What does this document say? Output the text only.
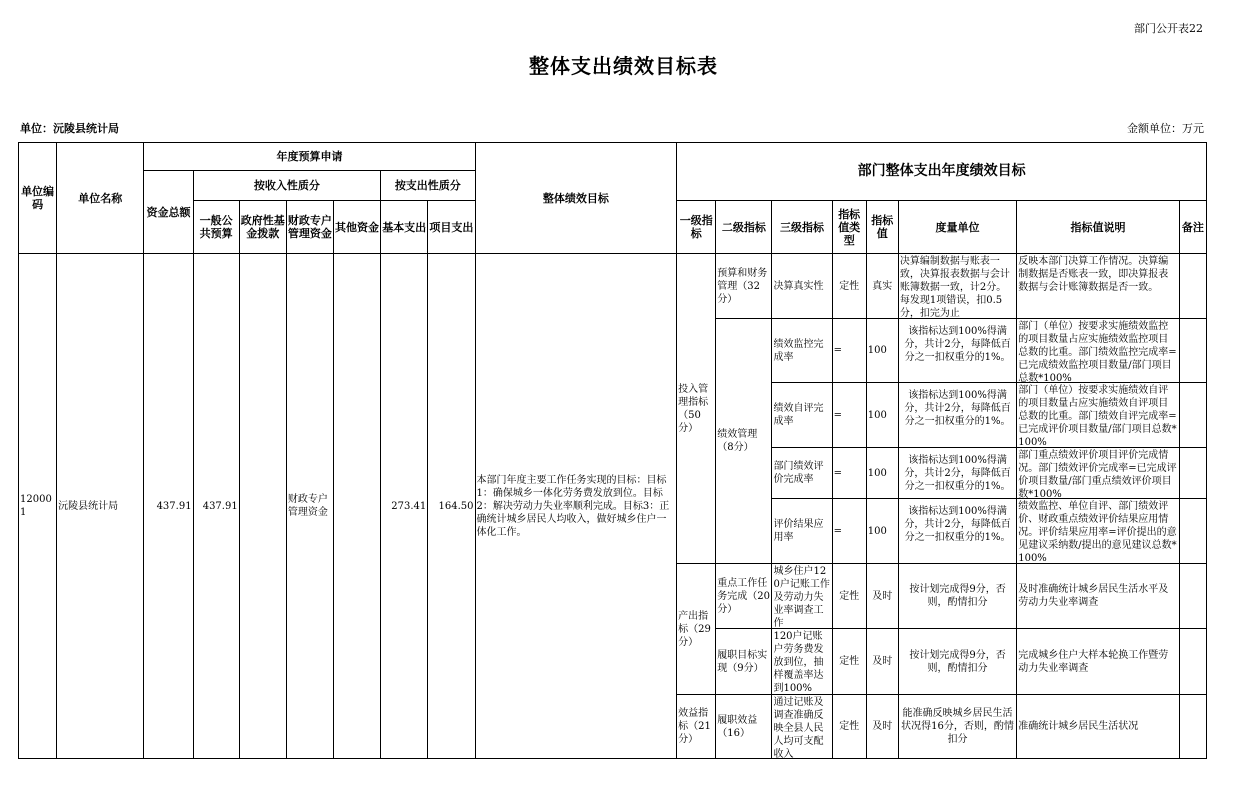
部门公开表22
整体支出绩效目标表
单位：沅陵县统计局	金额单位：万元
单位编码	单位名称	年度预算申请							整体绩效目标	部门整体支出年度绩效目标							
		资金总额	按收入性质分				按支出性质分										
			一般公共预算	政府性基金拨款	财政专户管理资金	其他资金	基本支出	项目支出		一级指标	二级指标	三级指标	指标值类型	指标值	度量单位	指标值说明	备注
120001	沅陵县统计局	437.91	437.91		财政专户管理资金		273.41	164.50	本部门年度主要工作任务实现的目标：目标1：确保城乡一体化劳务费发放到位。目标2：解决劳动力失业率顺利完成。目标3：正确统计城乡居民人均收入，做好城乡住户一体化工作。	投入管理指标（50分）	预算和财务管理（32分）	决算真实性	定性	真实	决算编制数据与账表一致，决算报表数据与会计账簿数据一致，计2分。每发现1项错误，扣0.5分，扣完为止	反映本部门决算工作情况。决算编制数据是否账表一致，即决算报表数据与会计账簿数据是否一致。	

											绩效管理（8分）	绩效监控完成率	=	100	该指标达到100%得满分，共计2分，每降低百分之一扣权重分的1%。	部门（单位）按要求实施绩效监控的项目数量占应实施绩效监控项目总数的比重。部门绩效监控完成率=已完成绩效监控项目数量/部门项目总数*100%	

												绩效自评完成率	=	100	该指标达到100%得满分，共计2分，每降低百分之一扣权重分的1%。	部门（单位）按要求实施绩效自评的项目数量占应实施绩效自评项目总数的比重。部门绩效自评完成率=已完成评价项目数量/部门项目总数*100%	

												部门绩效评价完成率	=	100	该指标达到100%得满分，共计2分，每降低百分之一扣权重分的1%。	部门重点绩效评价项目评价完成情况。部门绩效评价完成率=已完成评价项目数量/部门重点绩效评价项目数*100%	

												评价结果应用率	=	100	该指标达到100%得满分，共计2分，每降低百分之一扣权重分的1%。	绩效监控、单位自评、部门绩效评价、财政重点绩效评价结果应用情况。评价结果应用率=评价提出的意见建议采纳数/提出的意见建议总数*100%	

										产出指标（29分）	重点工作任务完成（20分）	城乡住户120户记账工作及劳动力失业率调查工作	定性	及时	按计划完成得9分，否则，酌情扣分	及时准确统计城乡居民生活水平及劳动力失业率调查	
											履职目标实现（9分）	120户记账户劳务费发放到位，抽样覆盖率达到100%	定性	及时	按计划完成得9分，否则，酌情扣分	完成城乡住户大样本轮换工作暨劳动力失业率调查	
										效益指标（21分）	履职效益（16）	通过记账及调查准确反映全县人民人均可支配收入	定性	及时	能准确反映城乡居民生活状况得16分，否则，酌情扣分	准确统计城乡居民生活状况	
